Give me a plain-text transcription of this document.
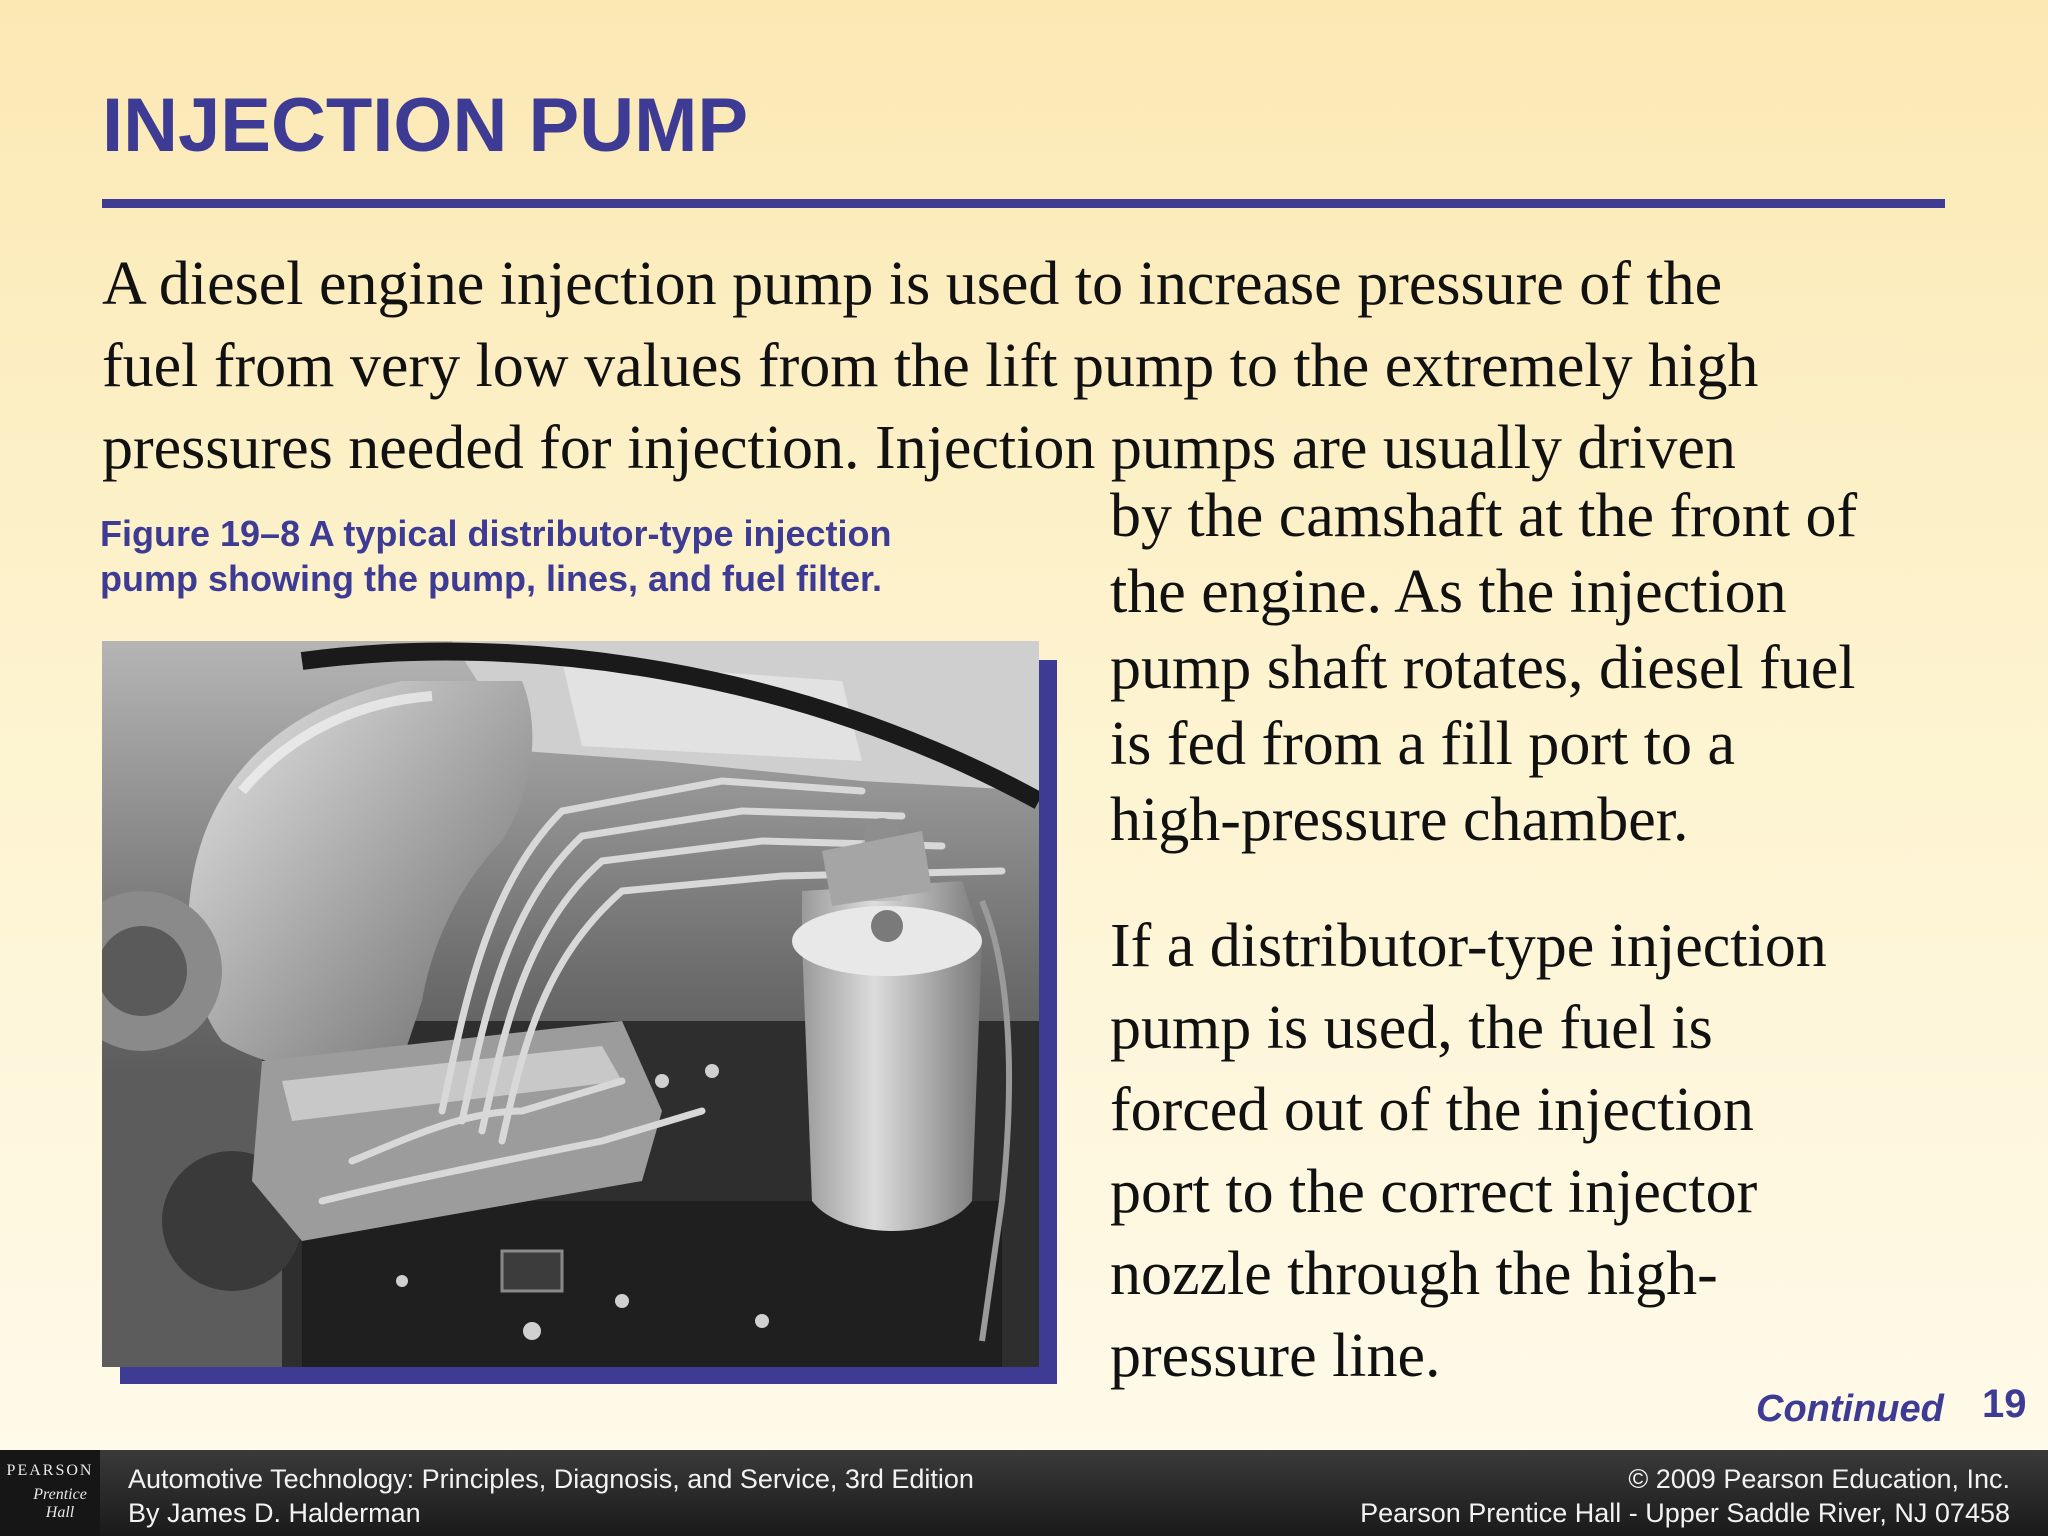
INJECTION PUMP
A diesel engine injection pump is used to increase pressure of the
fuel from very low values from the lift pump to the extremely high
pressures needed for injection. Injection pumps are usually driven
Figure 19–8 A typical distributor-type injection
pump showing the pump, lines, and fuel filter.
by the camshaft at the front of
the engine. As the injection
pump shaft rotates, diesel fuel
is fed from a fill port to a
high-pressure chamber.
If a distributor-type injection
pump is used, the fuel is
forced out of the injection
port to the correct injector
nozzle through the high-
pressure line.
Continued 19
PEARSON
Prentice
Hall
Automotive Technology: Principles, Diagnosis, and Service, 3rd Edition
By James D. Halderman
© 2009 Pearson Education, Inc.
Pearson Prentice Hall - Upper Saddle River, NJ 07458
